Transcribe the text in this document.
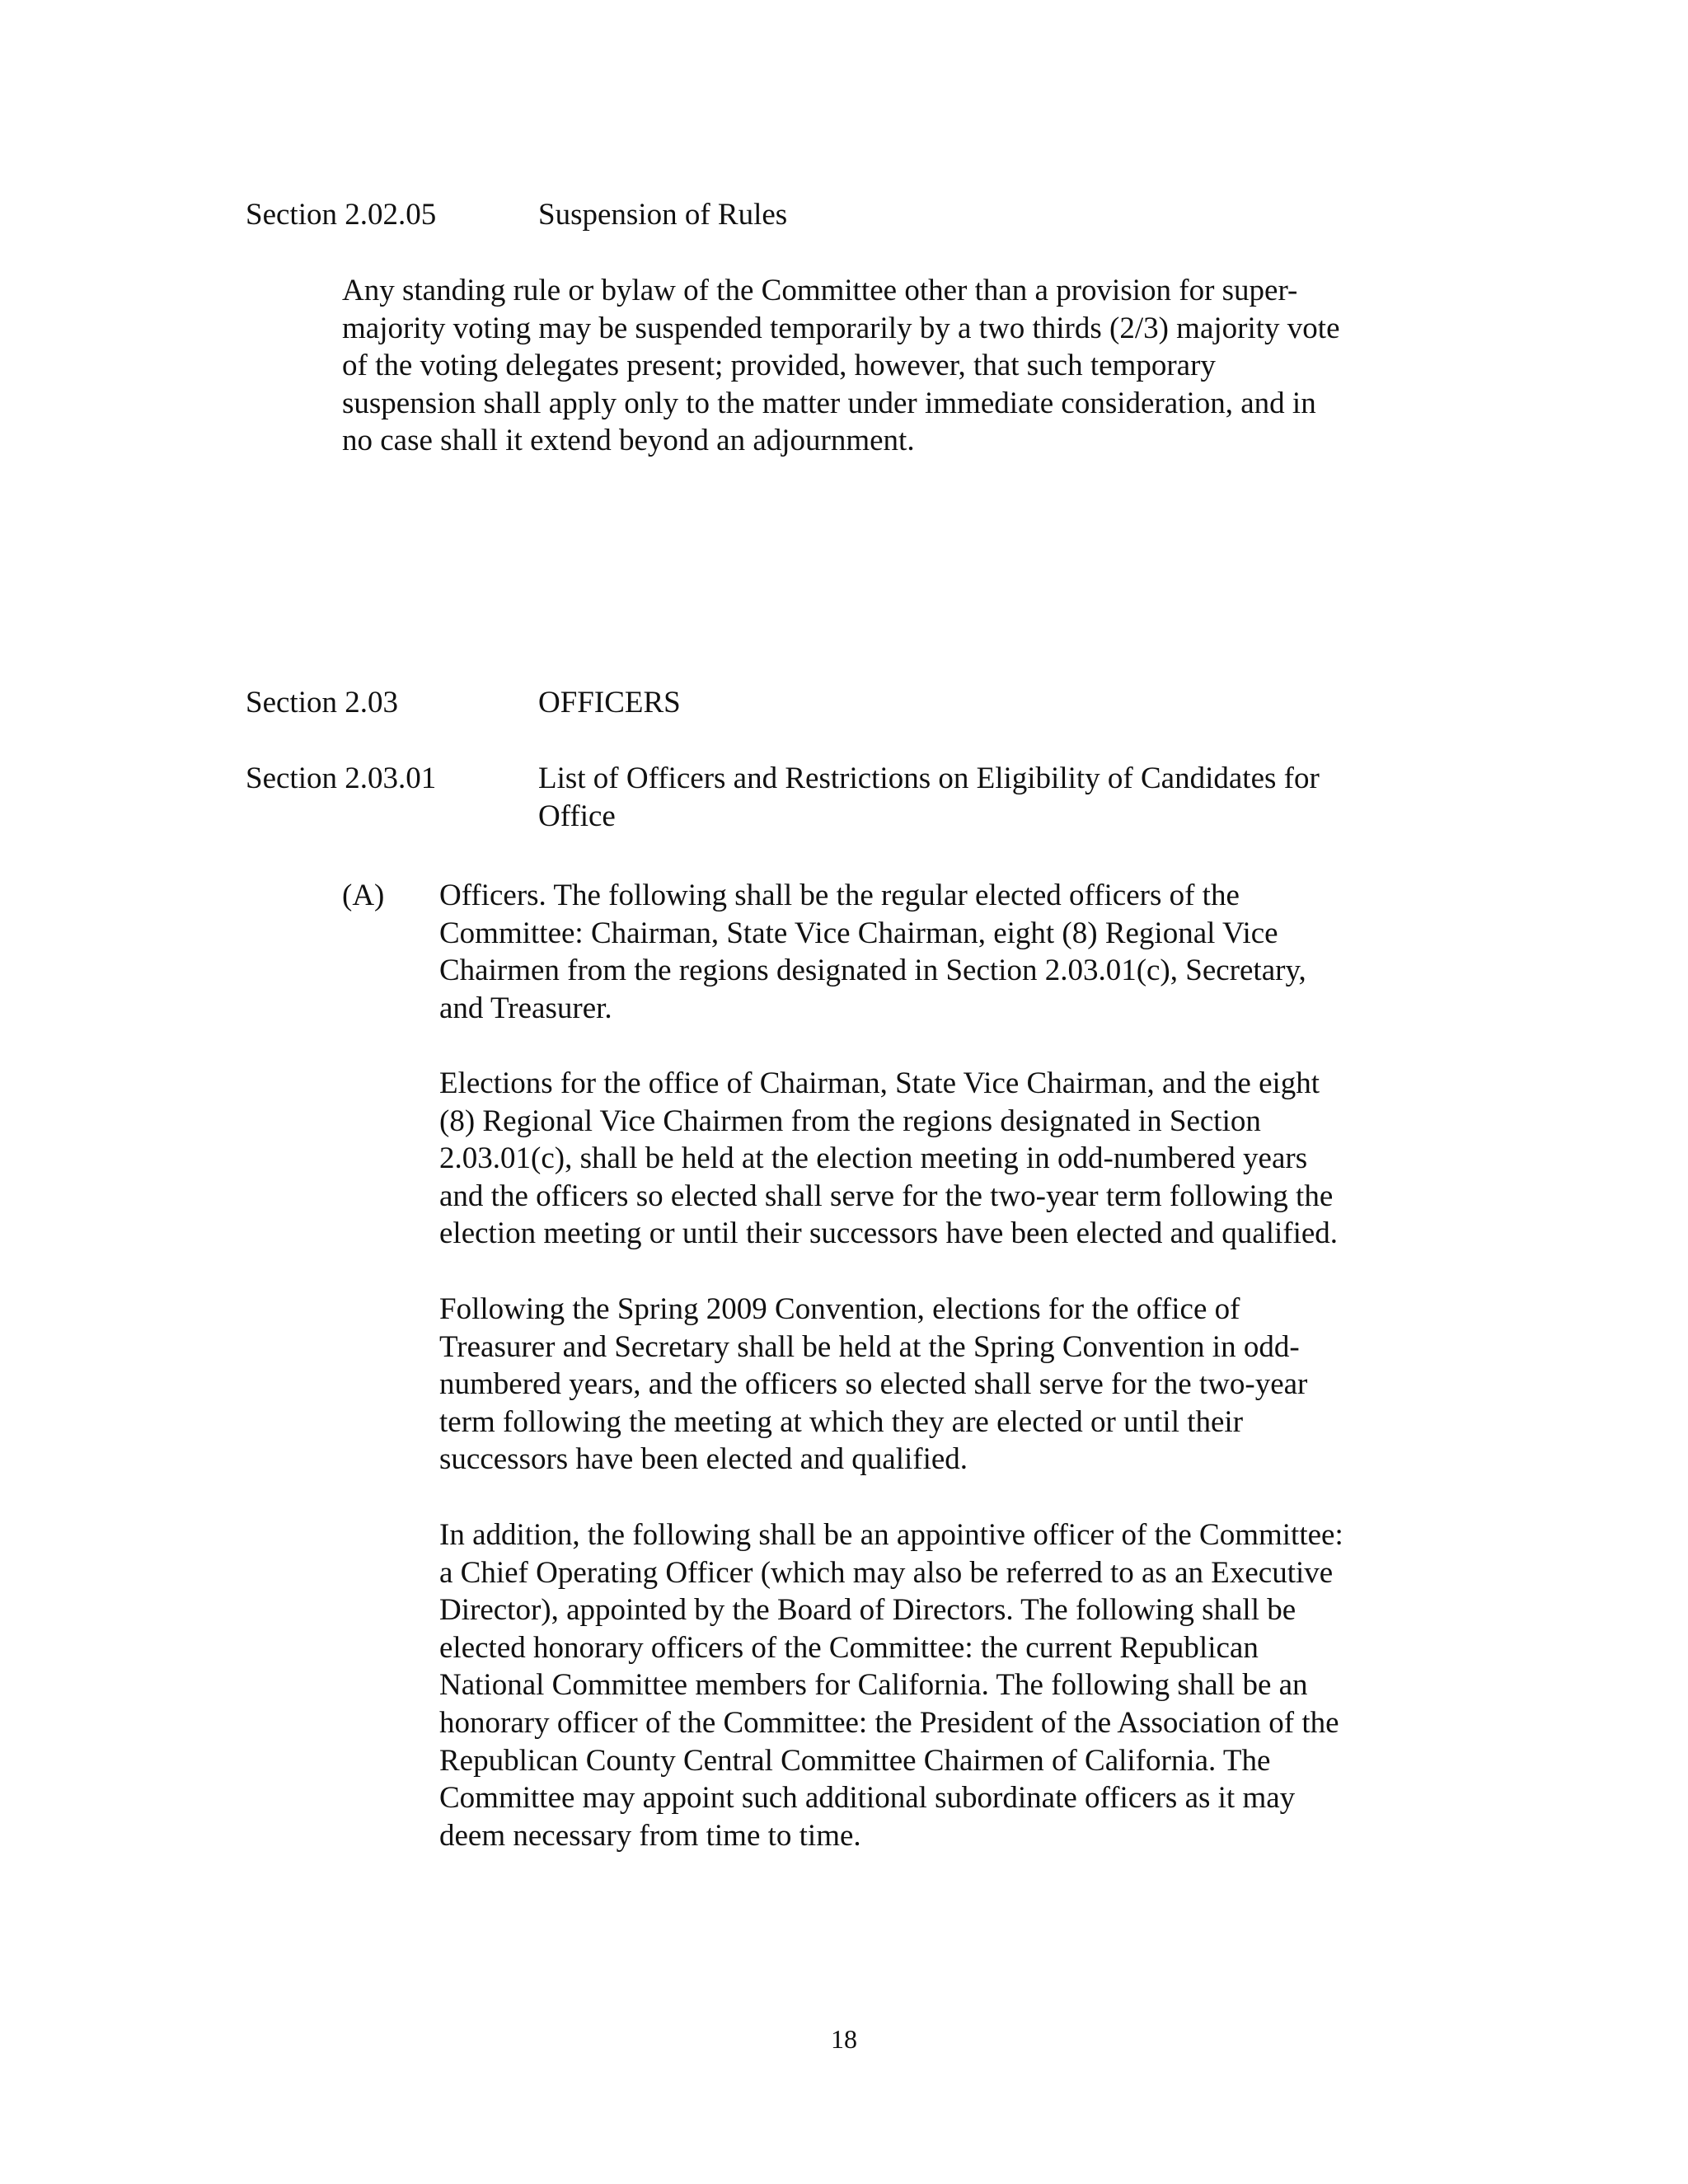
Section 2.02.05	Suspension of Rules
Any standing rule or bylaw of the Committee other than a provision for super-
majority voting may be suspended temporarily by a two thirds (2/3) majority vote
of the voting delegates present; provided, however, that such temporary
suspension shall apply only to the matter under immediate consideration, and in
no case shall it extend beyond an adjournment.
Section 2.03	OFFICERS
Section 2.03.01	List of Officers and Restrictions on Eligibility of Candidates for
Office
(A) Officers. The following shall be the regular elected officers of the
Committee: Chairman, State Vice Chairman, eight (8) Regional Vice
Chairmen from the regions designated in Section 2.03.01(c), Secretary,
and Treasurer.
Elections for the office of Chairman, State Vice Chairman, and the eight
(8) Regional Vice Chairmen from the regions designated in Section
2.03.01(c), shall be held at the election meeting in odd-numbered years
and the officers so elected shall serve for the two-year term following the
election meeting or until their successors have been elected and qualified.
Following the Spring 2009 Convention, elections for the office of
Treasurer and Secretary shall be held at the Spring Convention in odd-
numbered years, and the officers so elected shall serve for the two-year
term following the meeting at which they are elected or until their
successors have been elected and qualified.
In addition, the following shall be an appointive officer of the Committee:
a Chief Operating Officer (which may also be referred to as an Executive
Director), appointed by the Board of Directors. The following shall be
elected honorary officers of the Committee: the current Republican
National Committee members for California. The following shall be an
honorary officer of the Committee: the President of the Association of the
Republican County Central Committee Chairmen of California. The
Committee may appoint such additional subordinate officers as it may
deem necessary from time to time.
18
